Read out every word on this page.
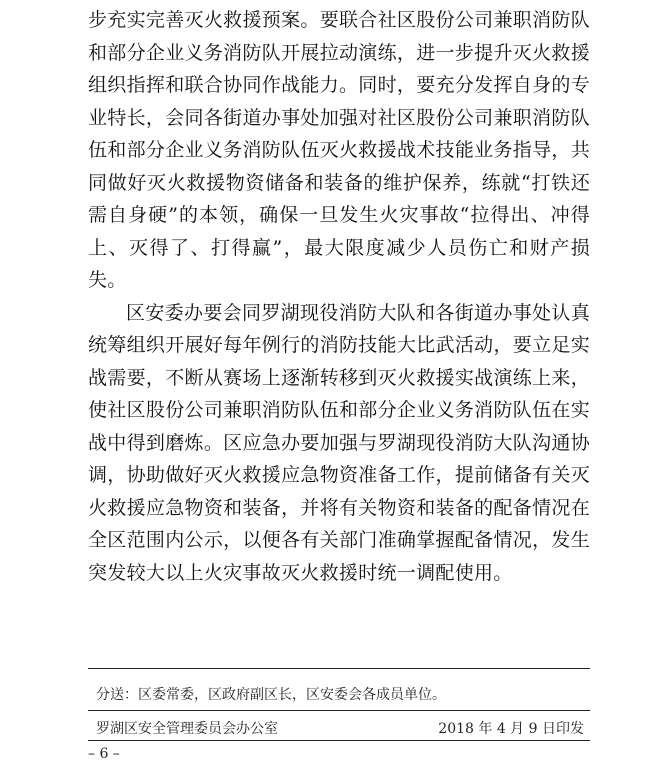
步充实完善灭火救援预案。要联合社区股份公司兼职消防队和部分企业义务消防队开展拉动演练，进一步提升灭火救援组织指挥和联合协同作战能力。同时，要充分发挥自身的专业特长，会同各街道办事处加强对社区股份公司兼职消防队伍和部分企业义务消防队伍灭火救援战术技能业务指导，共同做好灭火救援物资储备和装备的维护保养，练就“打铁还需自身硬”的本领，确保一旦发生火灾事故“拉得出、冲得上、灭得了、打得赢”，最大限度减少人员伤亡和财产损失。

区安委办要会同罗湖现役消防大队和各街道办事处认真统筹组织开展好每年例行的消防技能大比武活动，要立足实战需要，不断从赛场上逐渐转移到灭火救援实战演练上来，使社区股份公司兼职消防队伍和部分企业义务消防队伍在实战中得到磨炼。区应急办要加强与罗湖现役消防大队沟通协调，协助做好灭火救援应急物资准备工作，提前储备有关灭火救援应急物资和装备，并将有关物资和装备的配备情况在全区范围内公示，以便各有关部门准确掌握配备情况，发生突发较大以上火灾事故灭火救援时统一调配使用。

分送：区委常委，区政府副区长，区安委会各成员单位。
罗湖区安全管理委员会办公室	2018 年 4 月 9 日印发
– 6 –
